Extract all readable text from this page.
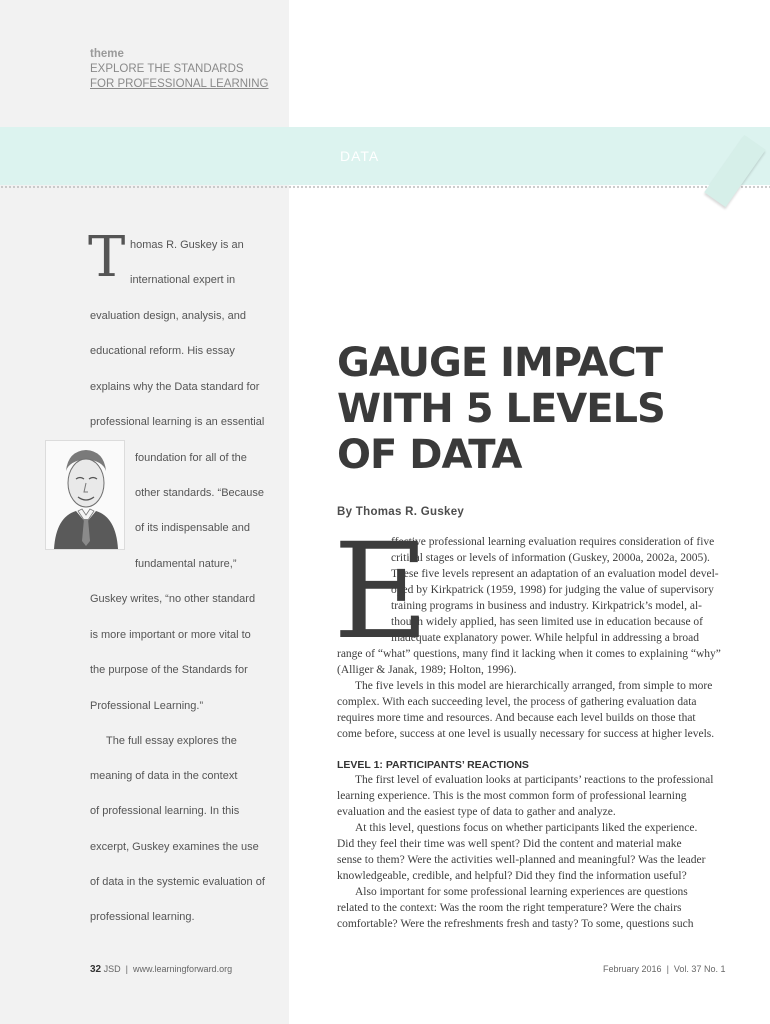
theme
EXPLORE THE STANDARDS
FOR PROFESSIONAL LEARNING
DATA
T homas R. Guskey is an
international expert in
evaluation design, analysis, and
educational reform. His essay
explains why the Data standard for
professional learning is an essential
foundation for all of the
other standards. “Because
of its indispensable and
fundamental nature,”
Guskey writes, “no other standard
is more important or more vital to
the purpose of the Standards for
Professional Learning.”
The full essay explores the
meaning of data in the context
of professional learning. In this
excerpt, Guskey examines the use
of data in the systemic evaluation of
professional learning.
GAUGE IMPACT
WITH 5 LEVELS
OF DATA
By Thomas R. Guskey
E
ffective professional learning evaluation requires consideration of five
critical stages or levels of information (Guskey, 2000a, 2002a, 2005).
These five levels represent an adaptation of an evaluation model devel-
oped by Kirkpatrick (1959, 1998) for judging the value of supervisory
training programs in business and industry. Kirkpatrick’s model, al-
though widely applied, has seen limited use in education because of
inadequate explanatory power. While helpful in addressing a broad
range of “what” questions, many find it lacking when it comes to explaining “why”
(Alliger & Janak, 1989; Holton, 1996).
The five levels in this model are hierarchically arranged, from simple to more
complex. With each succeeding level, the process of gathering evaluation data
requires more time and resources. And because each level builds on those that
come before, success at one level is usually necessary for success at higher levels.
LEVEL 1: PARTICIPANTS’ REACTIONS
The first level of evaluation looks at participants’ reactions to the professional
learning experience. This is the most common form of professional learning
evaluation and the easiest type of data to gather and analyze.
At this level, questions focus on whether participants liked the experience.
Did they feel their time was well spent? Did the content and material make
sense to them? Were the activities well-planned and meaningful? Was the leader
knowledgeable, credible, and helpful? Did they find the information useful?
Also important for some professional learning experiences are questions
related to the context: Was the room the right temperature? Were the chairs
comfortable? Were the refreshments fresh and tasty? To some, questions such
32 JSD | www.learningforward.org	February 2016 | Vol. 37 No. 1
